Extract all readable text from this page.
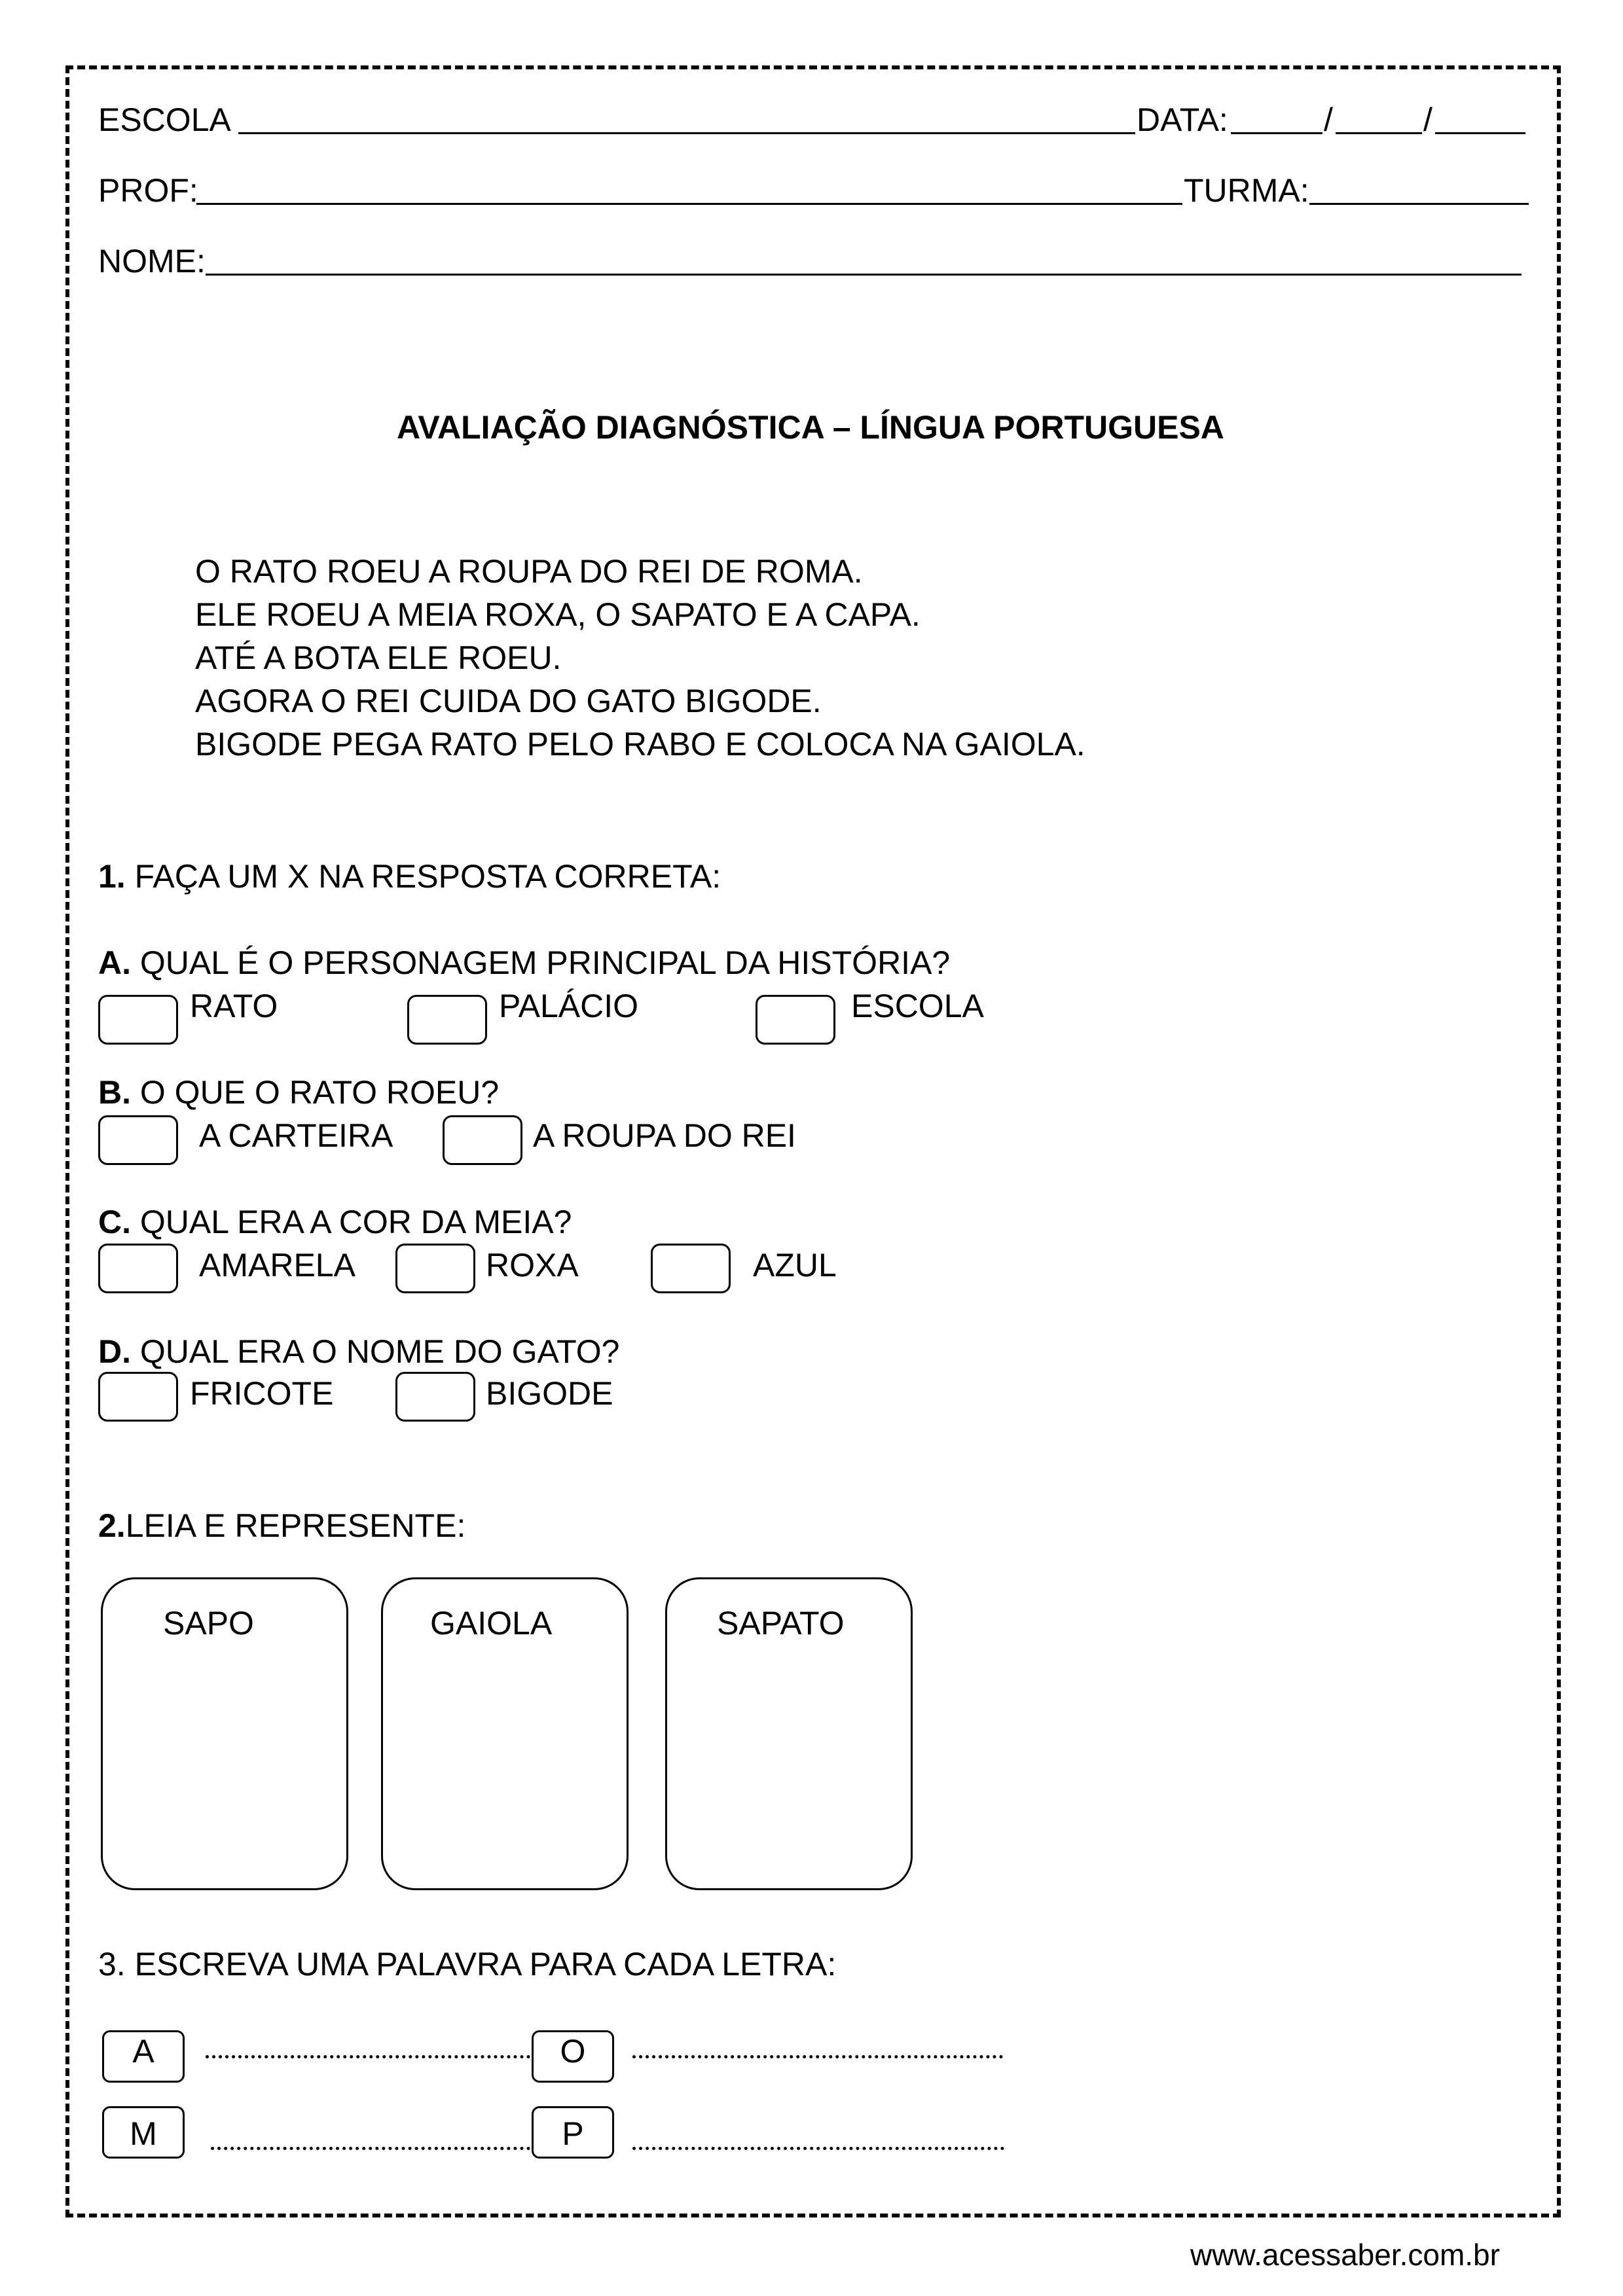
ESCOLA	DATA:	/	/
PROF:	TURMA:
NOME:
AVALIAÇÃO DIAGNÓSTICA – LÍNGUA PORTUGUESA
O RATO ROEU A ROUPA DO REI DE ROMA.
ELE ROEU A MEIA ROXA, O SAPATO E A CAPA.
ATÉ A BOTA ELE ROEU.
AGORA O REI CUIDA DO GATO BIGODE.
BIGODE PEGA RATO PELO RABO E COLOCA NA GAIOLA.
1. FAÇA UM X NA RESPOSTA CORRETA:
A. QUAL É O PERSONAGEM PRINCIPAL DA HISTÓRIA?
RATO	PALÁCIO	ESCOLA
B. O QUE O RATO ROEU?
A CARTEIRA	A ROUPA DO REI
C. QUAL ERA A COR DA MEIA?
AMARELA	ROXA	AZUL
D. QUAL ERA O NOME DO GATO?
FRICOTE	BIGODE
2.LEIA E REPRESENTE:
SAPO	GAIOLA	SAPATO
3. ESCREVA UMA PALAVRA PARA CADA LETRA:
A	O
M	P
www.acessaber.com.br
